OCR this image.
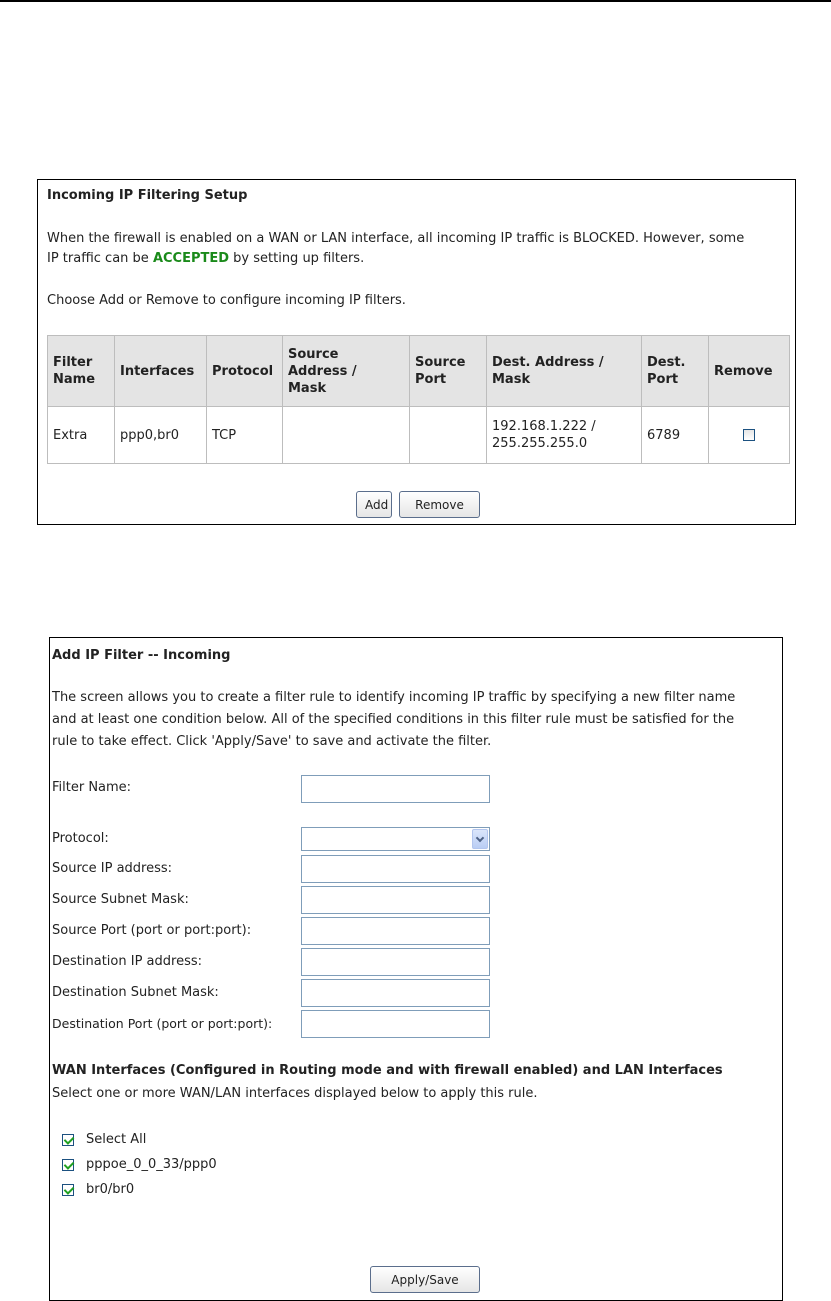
Incoming IP Filtering Setup
When the firewall is enabled on a WAN or LAN interface, all incoming IP traffic is BLOCKED. However, some
IP traffic can be ACCEPTED by setting up filters.
Choose Add or Remove to configure incoming IP filters.
Filter
Name	Interfaces	Protocol	Source
Address /
Mask	Source
Port	Dest. Address /
Mask	Dest.
Port	Remove
Extra	ppp0,br0	TCP			192.168.1.222 /
255.255.255.0	6789	
Add	Remove
Add IP Filter -- Incoming
The screen allows you to create a filter rule to identify incoming IP traffic by specifying a new filter name
and at least one condition below. All of the specified conditions in this filter rule must be satisfied for the
rule to take effect. Click 'Apply/Save' to save and activate the filter.
Filter Name:
Protocol:
Source IP address:
Source Subnet Mask:
Source Port (port or port:port):
Destination IP address:
Destination Subnet Mask:
Destination Port (port or port:port):
WAN Interfaces (Configured in Routing mode and with firewall enabled) and LAN Interfaces
Select one or more WAN/LAN interfaces displayed below to apply this rule.
Select All
pppoe_0_0_33/ppp0
br0/br0
Apply/Save
